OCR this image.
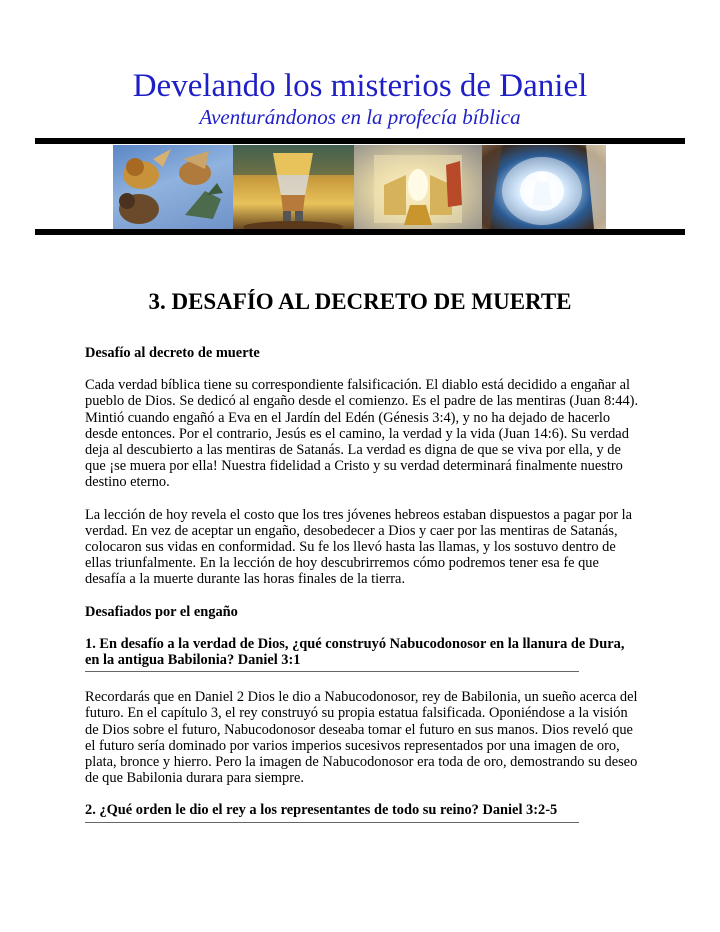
Develando los misterios de Daniel
Aventurándonos en la profecía bíblica
3. DESAFÍO AL DECRETO DE MUERTE

Desafío al decreto de muerte

Cada verdad bíblica tiene su correspondiente falsificación. El diablo está decidido a engañar al pueblo de Dios. Se dedicó al engaño desde el comienzo. Es el padre de las mentiras (Juan 8:44). Mintió cuando engañó a Eva en el Jardín del Edén (Génesis 3:4), y no ha dejado de hacerlo desde entonces. Por el contrario, Jesús es el camino, la verdad y la vida (Juan 14:6). Su verdad deja al descubierto a las mentiras de Satanás. La verdad es digna de que se viva por ella, y de que ¡se muera por ella! Nuestra fidelidad a Cristo y su verdad determinará finalmente nuestro destino eterno.

La lección de hoy revela el costo que los tres jóvenes hebreos estaban dispuestos a pagar por la verdad. En vez de aceptar un engaño, desobedecer a Dios y caer por las mentiras de Satanás, colocaron sus vidas en conformidad. Su fe los llevó hasta las llamas, y los sostuvo dentro de ellas triunfalmente. En la lección de hoy descubrirremos cómo podremos tener esa fe que desafía a la muerte durante las horas finales de la tierra.

Desafiados por el engaño

1. En desafío a la verdad de Dios, ¿qué construyó Nabucodonosor en la llanura de Dura, en la antigua Babilonia? Daniel 3:1

Recordarás que en Daniel 2 Dios le dio a Nabucodonosor, rey de Babilonia, un sueño acerca del futuro. En el capítulo 3, el rey construyó su propia estatua falsificada. Oponiéndose a la visión de Dios sobre el futuro, Nabucodonosor deseaba tomar el futuro en sus manos. Dios reveló que el futuro sería dominado por varios imperios sucesivos representados por una imagen de oro, plata, bronce y hierro. Pero la imagen de Nabucodonosor era toda de oro, demostrando su deseo de que Babilonia durara para siempre.

2. ¿Qué orden le dio el rey a los representantes de todo su reino? Daniel 3:2-5
